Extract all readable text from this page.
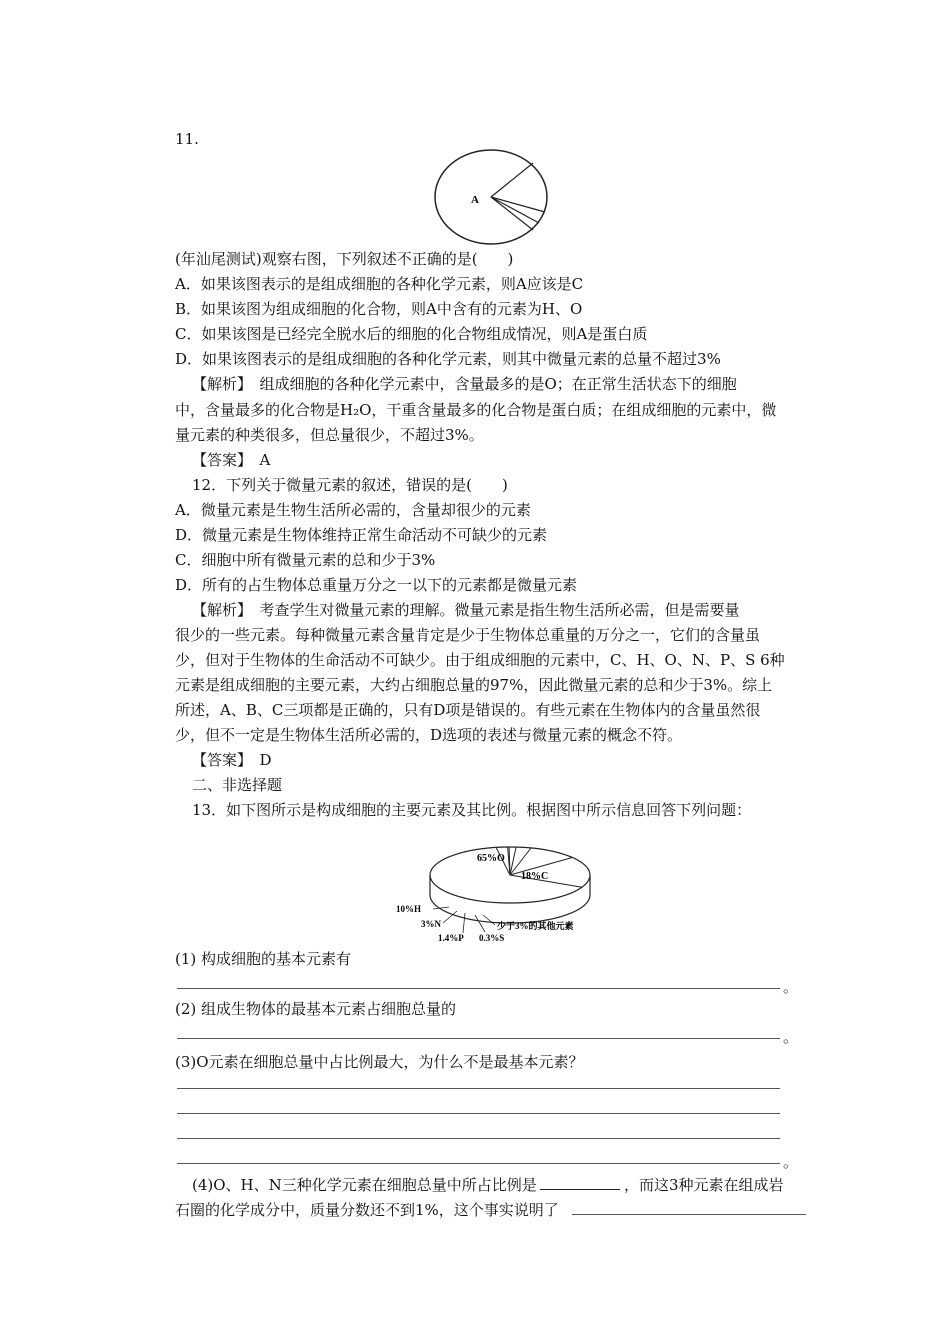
11.
A
(年汕尾测试)观察右图，下列叙述不正确的是(　　)
A．如果该图表示的是组成细胞的各种化学元素，则A应该是C
B．如果该图为组成细胞的化合物，则A中含有的元素为H、O
C．如果该图是已经完全脱水后的细胞的化合物组成情况，则A是蛋白质
D．如果该图表示的是组成细胞的各种化学元素，则其中微量元素的总量不超过3%
【解析】　组成细胞的各种化学元素中，含量最多的是O；在正常生活状态下的细胞
中，含量最多的化合物是H₂O，干重含量最多的化合物是蛋白质；在组成细胞的元素中，微
量元素的种类很多，但总量很少，不超过3%。
【答案】　A
12．下列关于微量元素的叙述，错误的是(　　)
A．微量元素是生物生活所必需的，含量却很少的元素
D．微量元素是生物体维持正常生命活动不可缺少的元素
C．细胞中所有微量元素的总和少于3%
D．所有的占生物体总重量万分之一以下的元素都是微量元素
【解析】　考查学生对微量元素的理解。微量元素是指生物生活所必需，但是需要量
很少的一些元素。每种微量元素含量肯定是少于生物体总重量的万分之一，它们的含量虽
少，但对于生物体的生命活动不可缺少。由于组成细胞的元素中，C、H、O、N、P、S 6种
元素是组成细胞的主要元素，大约占细胞总量的97%，因此微量元素的总和少于3%。综上
所述，A、B、C三项都是正确的，只有D项是错误的。有些元素在生物体内的含量虽然很
少，但不一定是生物体生活所必需的，D选项的表述与微量元素的概念不符。
【答案】　D
二、非选择题
13．如下图所示是构成细胞的主要元素及其比例。根据图中所示信息回答下列问题：
65%O
18%C
10%H
3%N
1.4%P 0.3%S
少于3%的其他元素
(1) 构成细胞的基本元素有
。
(2) 组成生物体的最基本元素占细胞总量的
。
(3)O元素在细胞总量中占比例最大，为什么不是最基本元素？
。
(4)O、H、N三种化学元素在细胞总量中所占比例是	，而这3种元素在组成岩
石圈的化学成分中，质量分数还不到1%，这个事实说明了
